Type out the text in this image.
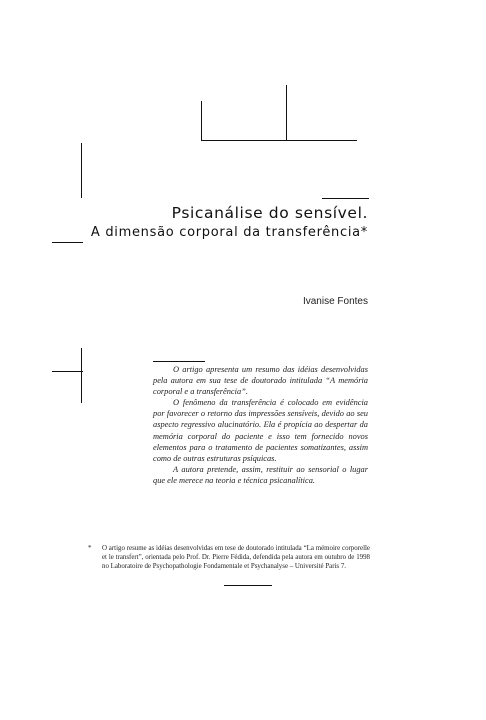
Psicanálise do sensível.
A dimensão corporal da transferência*
Ivanise Fontes

O artigo apresenta um resumo das idéias desenvolvidas pela autora em sua tese de doutorado intitulada “A memória corporal e a transferência”.

O fenômeno da transferência é colocado em evidência por favorecer o retorno das impressões sensíveis, devido ao seu aspecto regressivo alucinatório. Ela é propícia ao despertar da memória corporal do paciente e isso tem fornecido novos elementos para o tratamento de pacientes somatizantes, assim como de outras estruturas psíquicas.

A autora pretende, assim, restituir ao sensorial o lugar que ele merece na teoria e técnica psicanalítica.

* O artigo resume as idéias desenvolvidas em tese de doutorado intitulada “La mémoire corporelle et le transfert”, orientada pelo Prof. Dr. Pierre Fédida, defendida pela autora em outubro de 1998 no Laboratoire de Psychopathologie Fondamentale et Psychanalyse – Université Paris 7.
